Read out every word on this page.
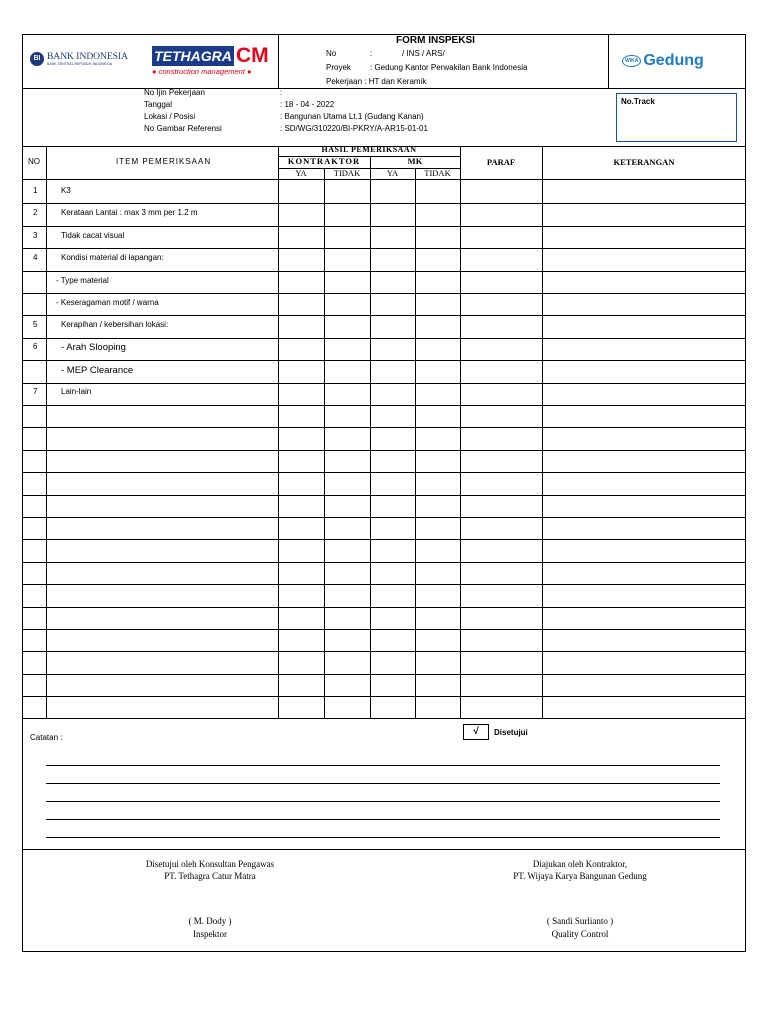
BI BANK INDONESIA
BANK SENTRAL REPUBLIK INDONESIA	TETHAGRA CM
● construction management ●
FORM INSPEKSI
No	:	/ INS / ARS/
Proyek : Gedung Kantor Perwakilan Bank Indonesia
Pekerjaan : HT dan Keramik
WIKA Gedung
No Ijin Pekerjaan	:
Tanggal	: 18 - 04 - 2022
Lokasi / Posisi	: Bangunan Utama Lt.1 (Gudang Kanan)
No Gambar Referensi	: SD/WG/310220/BI-PKRY/A-AR15-01-01
No.Track
NO	ITEM PEMERIKSAAN
HASIL PEMERIKSAAN
KONTRAKTOR	MK
YA	TIDAK	YA	TIDAK
PARAF	KETERANGAN
1	K3
2	Kerataan Lantai : max 3 mm per 1.2 m
3	Tidak cacat visual
4	Kondisi material di lapangan:
- Type material
- Keseragaman motif / warna
5	Kerapihan / kebersihan lokasi:
6 - Arah Slooping
- MEP Clearance
7	Lain-lain
Catatan :
√	Disetujui
Disetujui oleh Konsultan Pengawas
PT. Tethagra Catur Matra
( M. Dody )
Inspektor
Diajukan oleh Kontraktor,
PT. Wijaya Karya Bangunan Gedung
( Sandi Surlianto )
Quality Control
